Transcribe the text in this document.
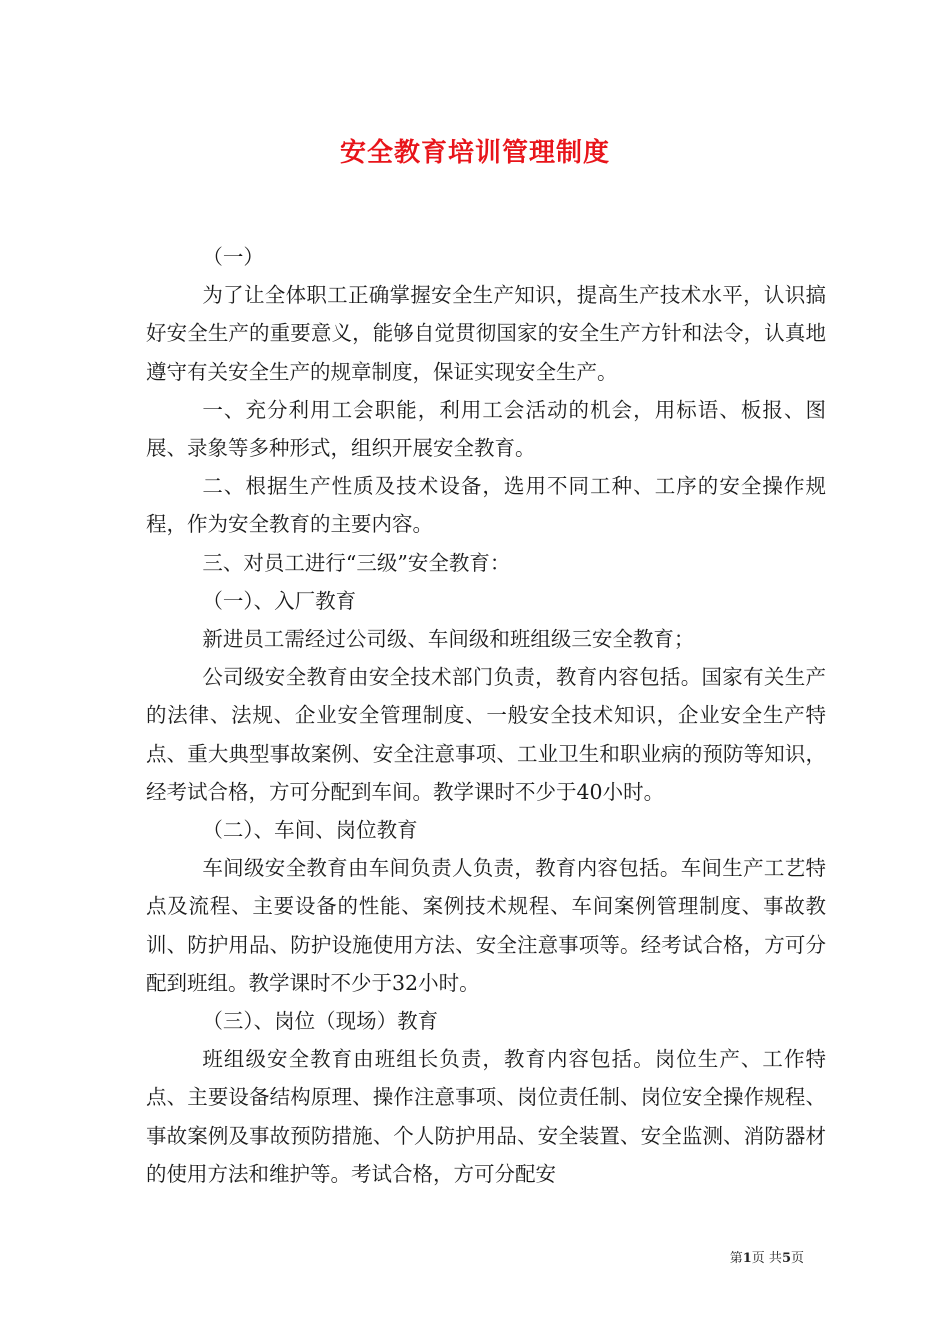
安全教育培训管理制度

（一）

为了让全体职工正确掌握安全生产知识，提高生产技术水平，认识搞好安全生产的重要意义，能够自觉贯彻国家的安全生产方针和法令，认真地遵守有关安全生产的规章制度，保证实现安全生产。

一、充分利用工会职能，利用工会活动的机会，用标语、板报、图展、录象等多种形式，组织开展安全教育。

二、根据生产性质及技术设备，选用不同工种、工序的安全操作规程，作为安全教育的主要内容。

三、对员工进行“三级”安全教育：

（一）、入厂教育

新进员工需经过公司级、车间级和班组级三安全教育；

公司级安全教育由安全技术部门负责，教育内容包括。国家有关生产的法律、法规、企业安全管理制度、一般安全技术知识，企业安全生产特点、重大典型事故案例、安全注意事项、工业卫生和职业病的预防等知识，经考试合格，方可分配到车间。教学课时不少于40小时。

（二）、车间、岗位教育

车间级安全教育由车间负责人负责，教育内容包括。车间生产工艺特点及流程、主要设备的性能、案例技术规程、车间案例管理制度、事故教训、防护用品、防护设施使用方法、安全注意事项等。经考试合格，方可分配到班组。教学课时不少于32小时。

（三）、岗位（现场）教育

班组级安全教育由班组长负责，教育内容包括。岗位生产、工作特点、主要设备结构原理、操作注意事项、岗位责任制、岗位安全操作规程、事故案例及事故预防措施、个人防护用品、安全装置、安全监测、消防器材的使用方法和维护等。考试合格，方可分配安

第1页 共5页
